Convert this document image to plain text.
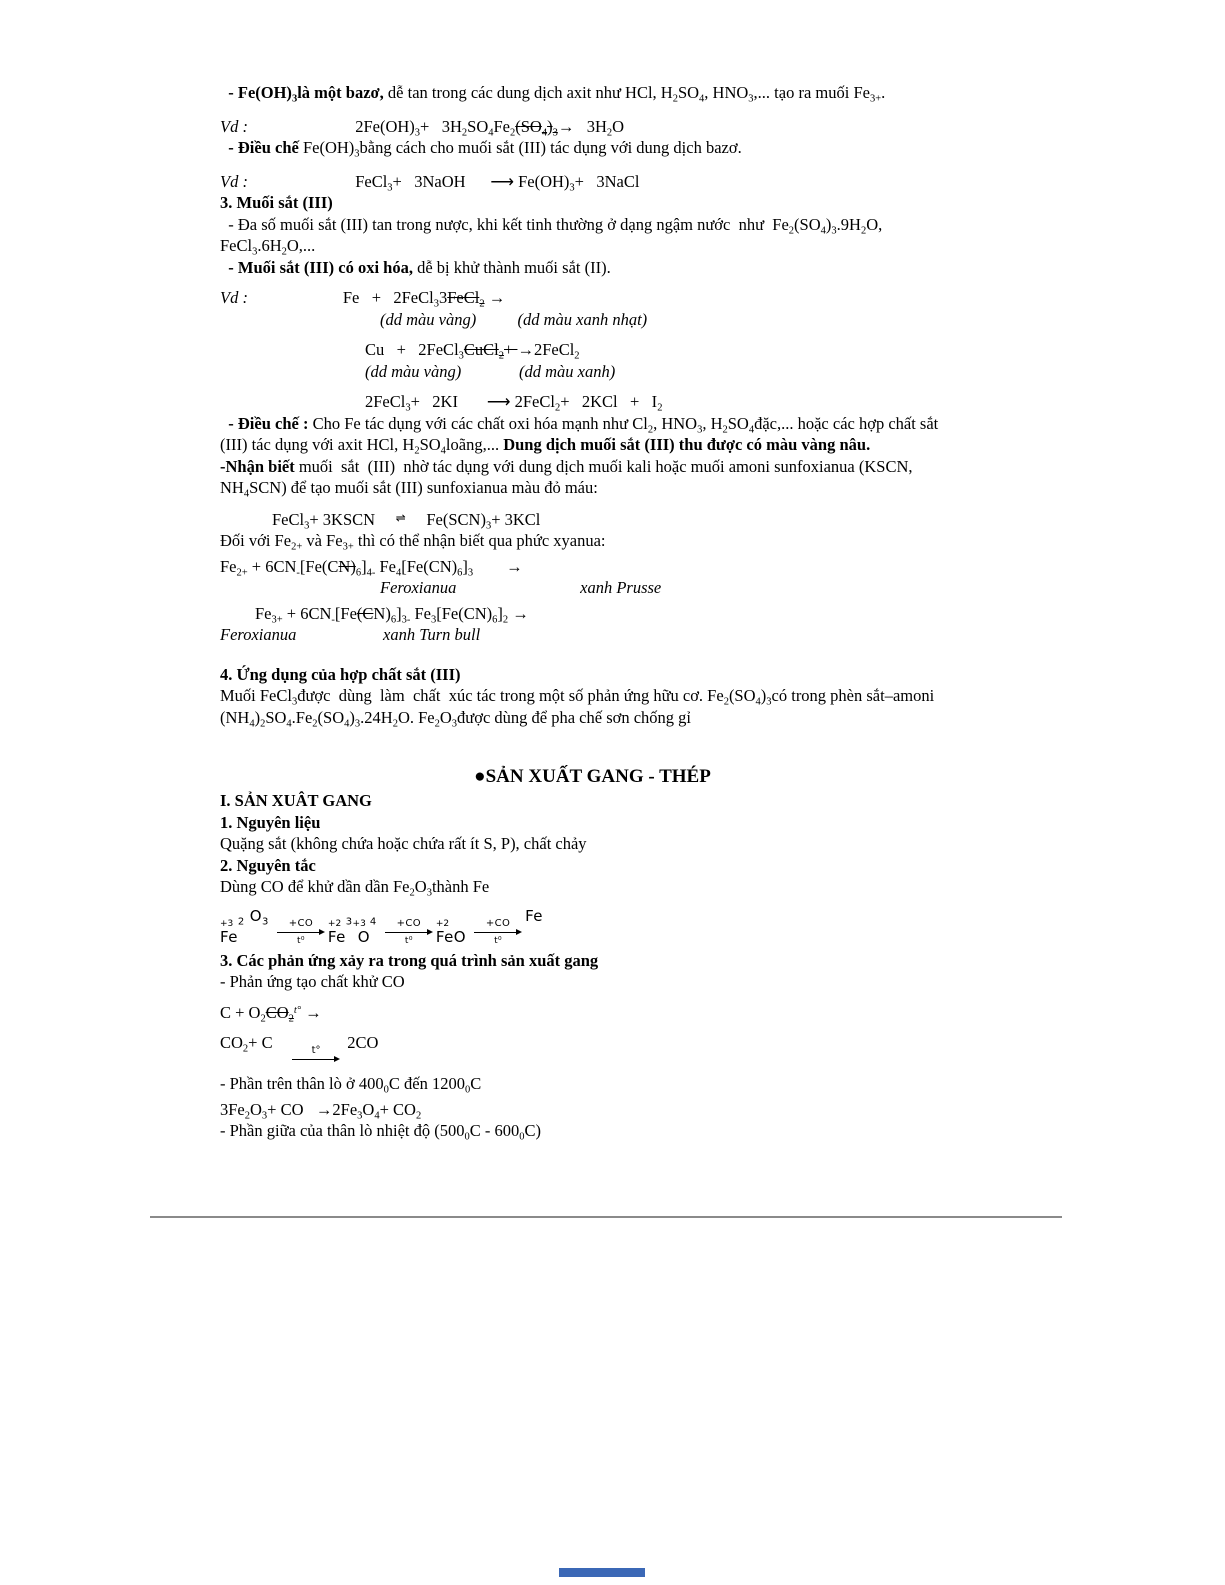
- $Fe(OH)_3là$ một bazơ, dễ tan trong các dung dịch axit như HCl, $H_2SO_4$, $HNO_3$,... tạo ra muối $Fe_{3+}$.
Vd :	$2Fe(OH)_3+ 3H_2SO_4Fe_2(SO_4)_3\to 3H_2O$
- Điều chế $Fe(OH)_3bằng$ cách cho muối sắt (III) tác dụng với dung dịch bazơ.
Vd :	FeCl$_3$+   3NaOH      ⟶ $Fe(OH)_3+$   3NaCl
3. Muối sắt (III)
- Đa số muối sắt (III) tan trong nược, khi kết tinh thường ở dạng ngậm nước  như  $Fe_2(SO_4)_3.9H_2O$,
$FeCl_3.6H_2O$,...
- Muối sắt (III) có oxi hóa, dễ bị khử thành muối sắt (II).
Vd :	Fe   +   2FeCl$_3$3FeCl$_2$ →
(dd màu vàng)          (dd màu xanh nhạt)
Cu   +   2FeCl$_3$CuCl$_2$+ →2FeCl$_2$
(dd màu vàng)              (dd màu xanh)
2FeCl$_3$+   2KI       ⟶ 2FeCl$_2$+   $2KCl + I_2$
- Điều chế : Cho Fe tác dụng với các chất oxi hóa mạnh như $Cl_2$, $HNO_3$, $H_2SO_4đặc$,... hoặc các hợp chất sắt
(III) tác dụng với axit HCl, $H_2SO_4loãng$,... Dung dịch muối sắt (III) thu được có màu vàng nâu.
-Nhận biết muối  sắt  (III)  nhờ tác dụng với dung dịch muối kali hoặc muối amoni sunfoxianua (KSCN,
$NH_4SCN$) để tạo muối sắt (III) sunfoxianua màu đỏ máu:
FeCl$_3$+ 3KSCN     ⇌     $Fe(SCN)_3+ 3KCl$
Đối với $Fe_{2+}$ và $Fe_{3+}$ thì có thể nhận biết qua phức xyanua:
$Fe_{2+} + 6CN_-[Fe(CN)_6]_{4-}$ $Fe_4[Fe(CN)_6]_3$ →
Feroxianua	xanh Prusse
$Fe_{3+} + 6CN_-[Fe(CN)_6]_{3-}$ $Fe_3[Fe(CN)_6]_2$ →
Feroxianua	xanh Turn bull
4. Ứng dụng của hợp chất sắt (III)
Muối FeCl$_3$được  dùng  làm  chất  xúc tác trong một số phản ứng hữu cơ. $Fe_2(SO_4)_3có$ trong phèn sắt–amoni
$(NH_4)_2SO_4.Fe_2(SO_4)_3.24H_2O$. $Fe_2O_3được$ dùng để pha chế sơn chống gỉ
●SẢN XUẤT GANG - THÉP
I. SẢN XUÂT GANG
1. Nguyên liệu
Quặng sắt (không chứa hoặc chứa rất ít S, P), chất chảy
2. Nguyên tắc
Dùng CO để khử dần dần $Fe_2O_3thành$ Fe
+3
Fe
$_2$ $O_3 +CO$
t⁰
+2
Fe
$_3$ +3
O
$_4$ +CO
t⁰
+2
FeO

+CO
t⁰
Fe
3. Các phản ứng xảy ra trong quá trình sản xuất gang
- Phản ứng tạo chất khử CO
$C + O_2CO_2^{t^\circ}$ →
$CO_2+ C$ t° 2CO
- Phần trên thân lò ở $400_0C$ đến $1200_0C$
$3Fe_2O_3+$ CO   $\to 2Fe_3O_4+ CO_2$
- Phần giữa của thân lò nhiệt độ $(500_0C - 600_0C)$
